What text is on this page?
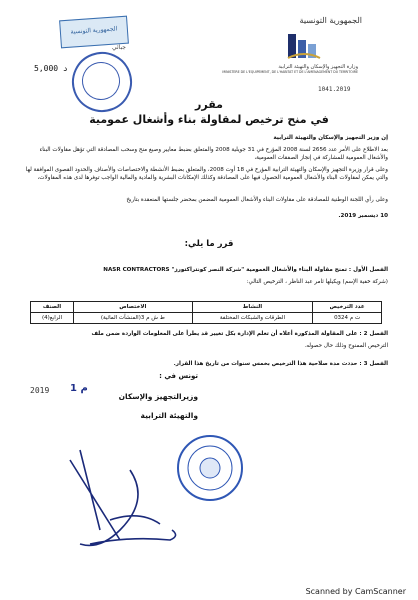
الجمهورية التونسية
جبائي
5,000 د
الجمهورية التونسية
وزارة التجهيز والإسكان والتهيئة الترابية
MINISTERE DE L'EQUIPEMENT, DE L'HABITAT ET DE L'AMENAGEMENT DU TERRITOIRE
1041.2019
مقرر
في منح ترخيص لمقاولة بناء وأشغال عمومية
إن وزير التجهيز والإسكان والتهيئة الترابية
بعد الاطلاع على الأمر عدد 2656 لسنة 2008 المؤرخ في 31 جويلية 2008 والمتعلق بضبط معايير وصيغ منح وسحب المصادقة التي تؤهل مقاولات البناء والأشغال العمومية للمشاركة في إنجاز الصفقات العمومية،
وعلى قرار وزيرة التجهيز والإسكان والتهيئة الترابية المؤرخ في 18 أوت 2008، والمتعلق بضبط الأنشطة والاختصاصات والأصناف والحدود القصوى الموافقة لها والتي يمكن لمقاولات البناء والأشغال العمومية الحصول فيها على المصادقة وكذلك الإمكانات البشرية والمادية والمالية الواجب توفرها لدى هذه المقاولات،
وعلى رأي اللجنة الوطنية للمصادقة على مقاولات البناء والأشغال العمومية المضمن بمحضر جلستها المنعقدة بتاريخ
10 ديسمبر 2019.
قرر ما يلي:
الفصل الأول : تمنح مقاولة البناء والأشغال العمومية "شركة النصر كونتراكتورز" NASR CONTRACTORS
(شركة خفية الإسم) ويكيلها ثامر عبد الناظر ، الترخيص التالي:
عدد الترخيص	النشاط	الاختصاص	الصنف
ت م 0324	الطرقات والشبكات المختلفة	ط ش م 3(المنشآت المائية)	الرابع(4)
الفصل 2 : على المقاولة المذكورة أعلاه أن تعلم الإدارة بكل تغيير قد يطرأ على المعلومات الواردة ضمن ملف
الترخيص الممنوح وذلك حال حصوله.
الفصل 3 : حددت مدة صلاحية هذا الترخيص بخمس سنوات من تاريخ هذا القرار.
تونس في :
وزيرالتجهيز والإسكان
والتهيئة الترابية
2019 1 م
Scanned by CamScanner
